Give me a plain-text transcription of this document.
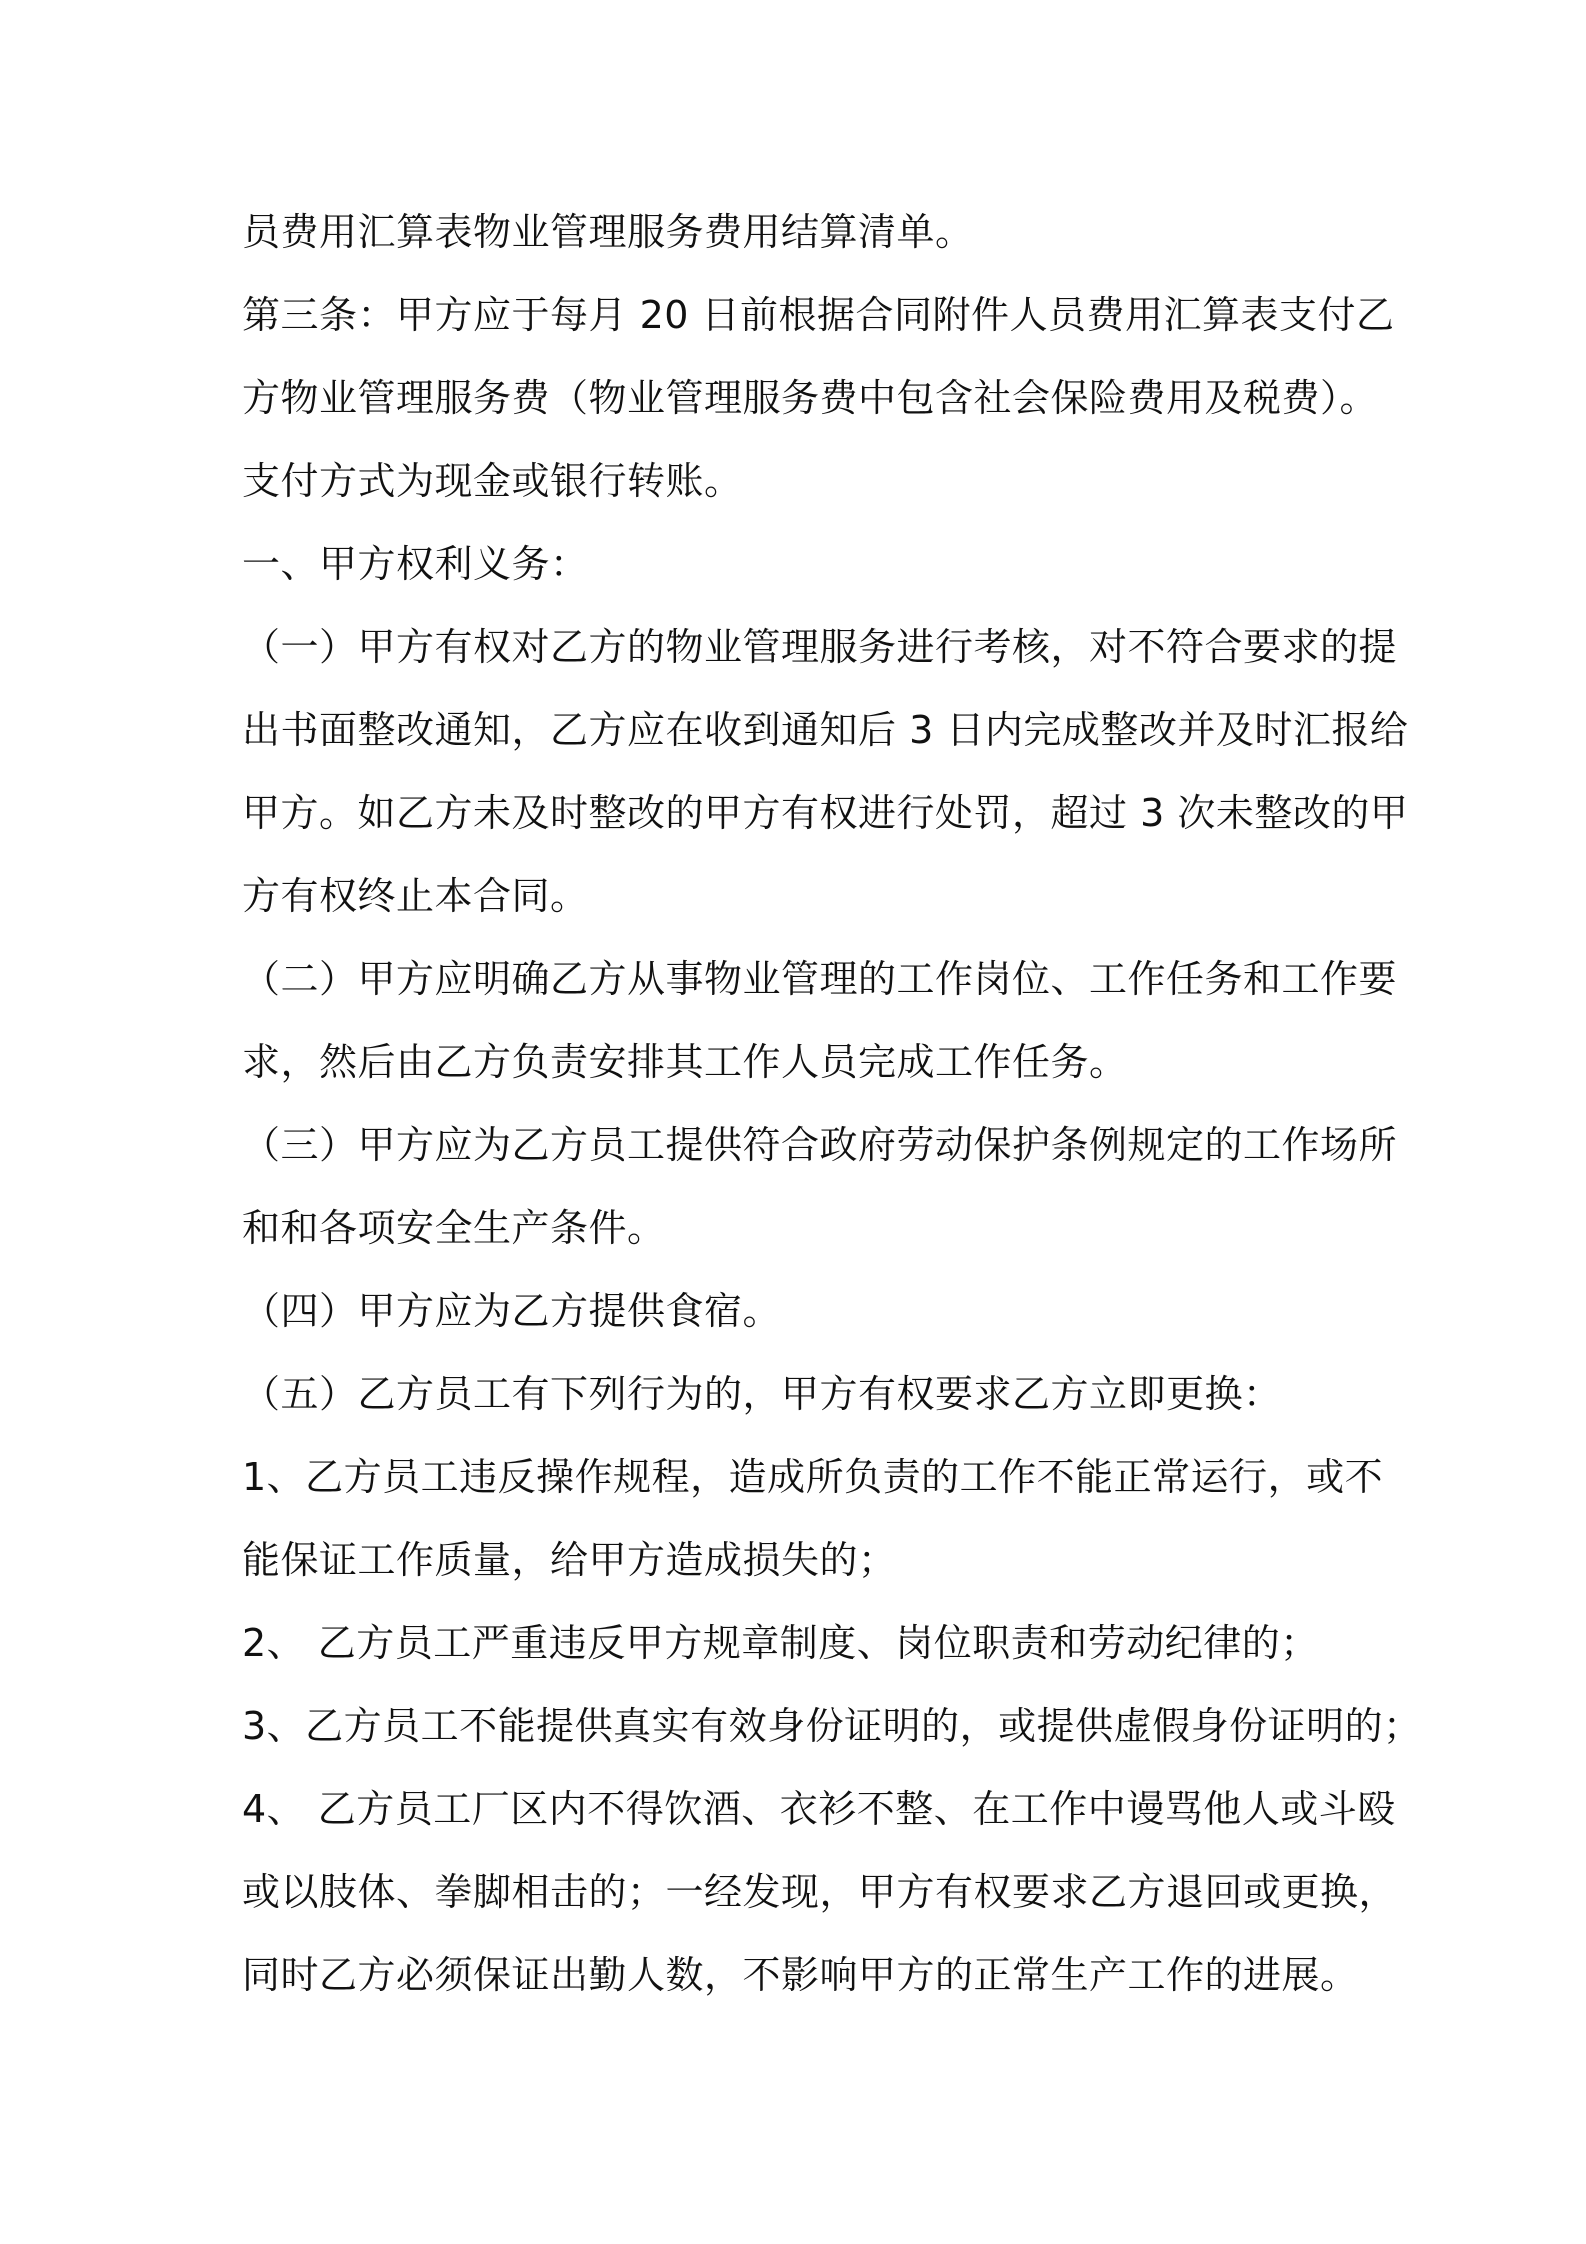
员费用汇算表物业管理服务费用结算清单。
第三条：甲方应于每月 20 日前根据合同附件人员费用汇算表支付乙
方物业管理服务费（物业管理服务费中包含社会保险费用及税费）。
支付方式为现金或银行转账。
一、甲方权利义务：
（一）甲方有权对乙方的物业管理服务进行考核，对不符合要求的提
出书面整改通知，乙方应在收到通知后 3 日内完成整改并及时汇报给
甲方。如乙方未及时整改的甲方有权进行处罚，超过 3 次未整改的甲
方有权终止本合同。
（二）甲方应明确乙方从事物业管理的工作岗位、工作任务和工作要
求，然后由乙方负责安排其工作人员完成工作任务。
（三）甲方应为乙方员工提供符合政府劳动保护条例规定的工作场所
和和各项安全生产条件。
（四）甲方应为乙方提供食宿。
（五）乙方员工有下列行为的，甲方有权要求乙方立即更换：
1、乙方员工违反操作规程，造成所负责的工作不能正常运行，或不
能保证工作质量，给甲方造成损失的；
2、 乙方员工严重违反甲方规章制度、岗位职责和劳动纪律的；
3、乙方员工不能提供真实有效身份证明的，或提供虚假身份证明的；
4、 乙方员工厂区内不得饮酒、衣衫不整、在工作中谩骂他人或斗殴
或以肢体、拳脚相击的；一经发现，甲方有权要求乙方退回或更换，
同时乙方必须保证出勤人数，不影响甲方的正常生产工作的进展。
